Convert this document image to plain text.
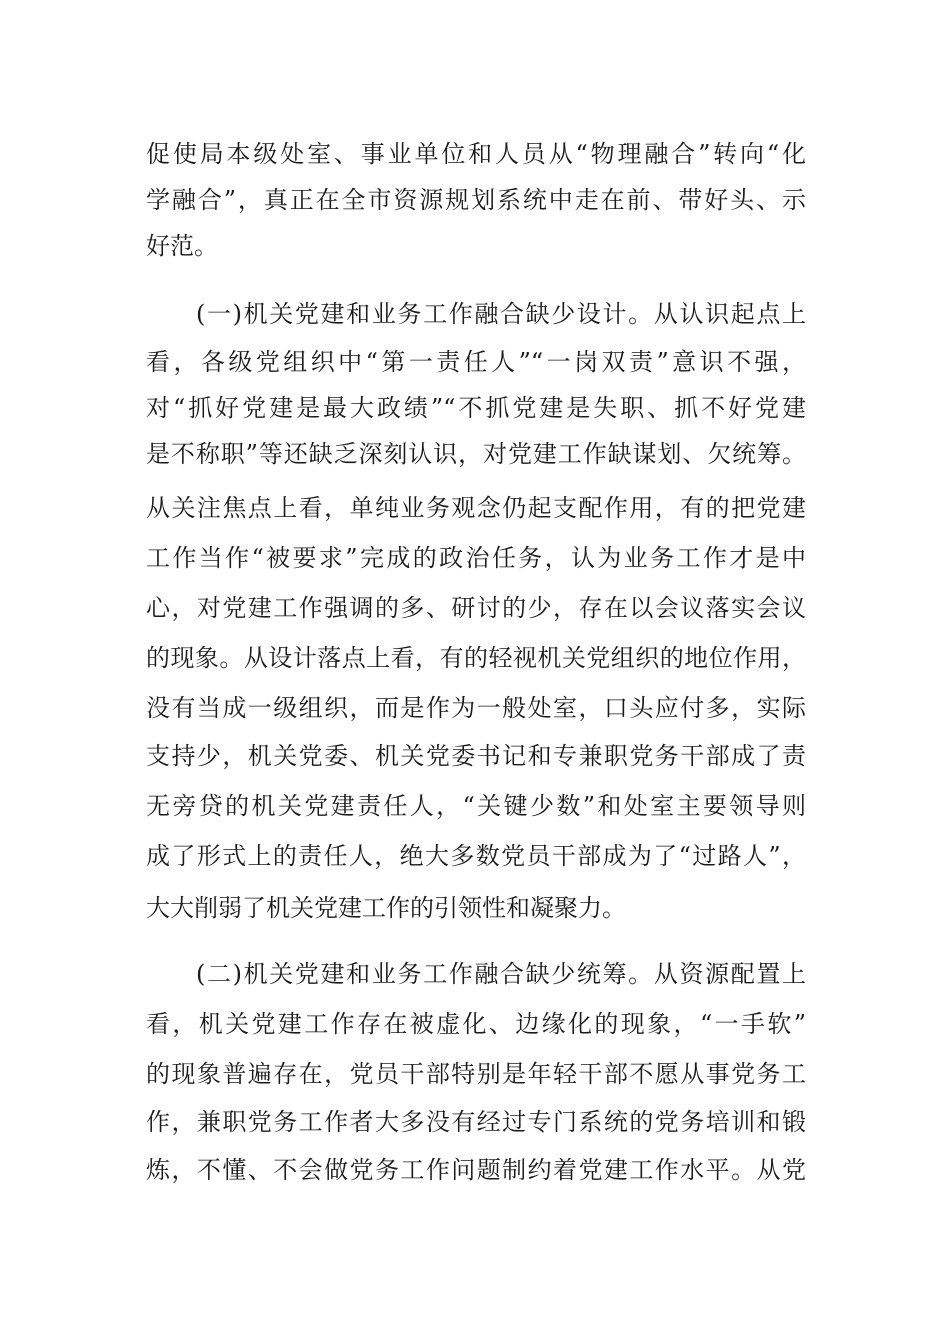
促使局本级处室、事业单位和人员从“物理融合”转向“化
学融合”，真正在全市资源规划系统中走在前、带好头、示
好范。
(一)机关党建和业务工作融合缺少设计。从认识起点上
看，各级党组织中“第一责任人”“一岗双责”意识不强，
对“抓好党建是最大政绩”“不抓党建是失职、抓不好党建
是不称职”等还缺乏深刻认识，对党建工作缺谋划、欠统筹。
从关注焦点上看，单纯业务观念仍起支配作用，有的把党建
工作当作“被要求”完成的政治任务，认为业务工作才是中
心，对党建工作强调的多、研讨的少，存在以会议落实会议
的现象。从设计落点上看，有的轻视机关党组织的地位作用，
没有当成一级组织，而是作为一般处室，口头应付多，实际
支持少，机关党委、机关党委书记和专兼职党务干部成了责
无旁贷的机关党建责任人，“关键少数”和处室主要领导则
成了形式上的责任人，绝大多数党员干部成为了“过路人”，
大大削弱了机关党建工作的引领性和凝聚力。
(二)机关党建和业务工作融合缺少统筹。从资源配置上
看，机关党建工作存在被虚化、边缘化的现象，“一手软”
的现象普遍存在，党员干部特别是年轻干部不愿从事党务工
作，兼职党务工作者大多没有经过专门系统的党务培训和锻
炼，不懂、不会做党务工作问题制约着党建工作水平。从党
